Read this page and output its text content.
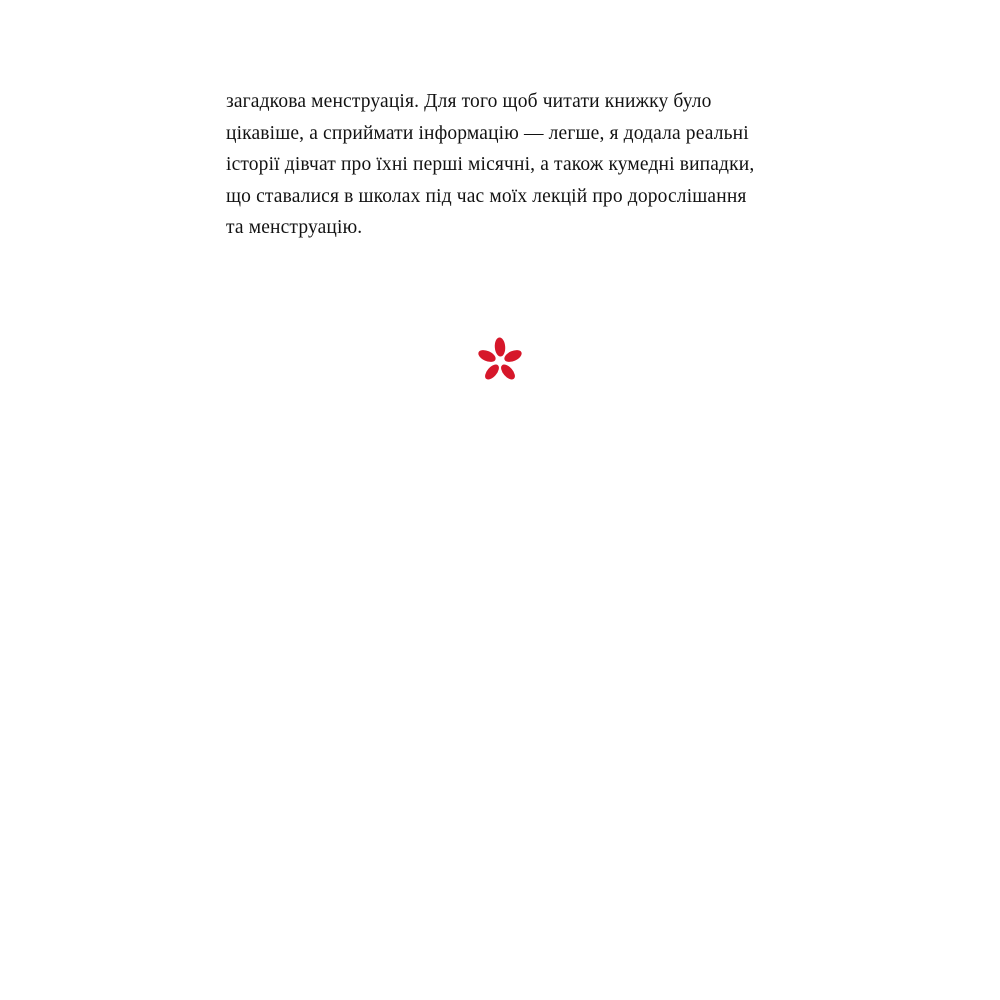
загадкова менструація. Для того щоб читати книжку було цікавіше, а сприймати інформацію — легше, я додала реальні історії дівчат про їхні перші місячні, а також кумедні випадки, що ставалися в школах під час моїх лекцій про дорослішання та менструацію.
